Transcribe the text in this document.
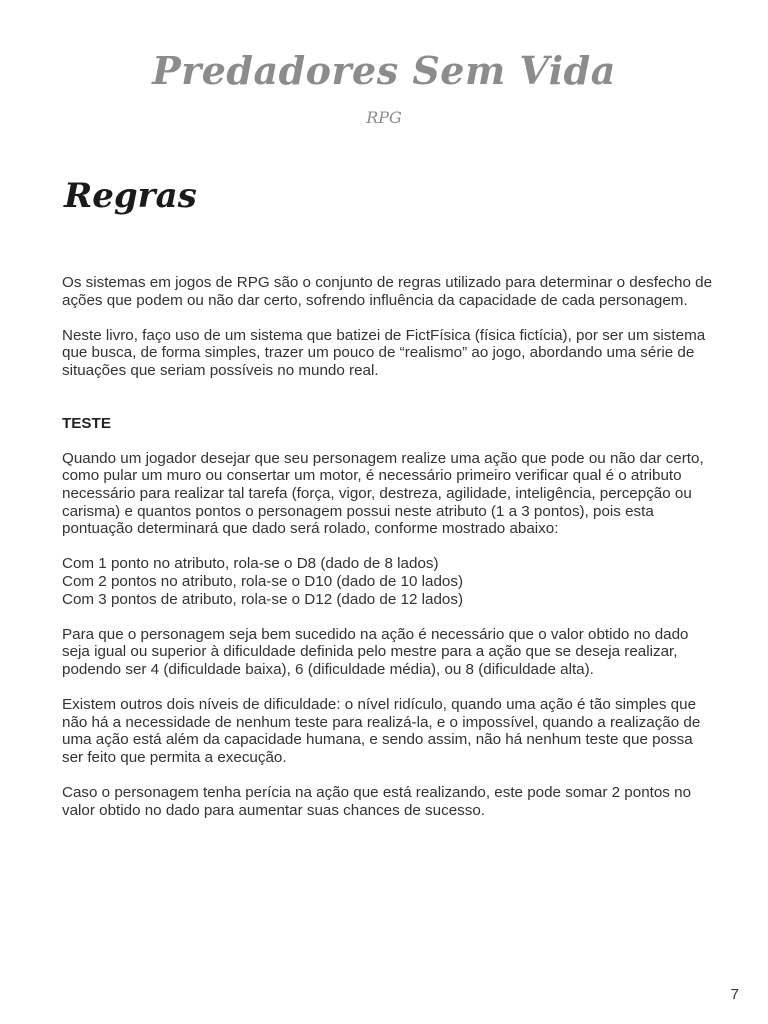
Predadores Sem Vida
RPG
Regras

Os sistemas em jogos de RPG são o conjunto de regras utilizado para determinar o desfecho de ações que podem ou não dar certo, sofrendo influência da capacidade de cada personagem.

Neste livro, faço uso de um sistema que batizei de FictFísica (física fictícia), por ser um sistema que busca, de forma simples, trazer um pouco de “realismo” ao jogo, abordando uma série de situações que seriam possíveis no mundo real.

TESTE

Quando um jogador desejar que seu personagem realize uma ação que pode ou não dar certo, como pular um muro ou consertar um motor, é necessário primeiro verificar qual é o atributo necessário para realizar tal tarefa (força, vigor, destreza, agilidade, inteligência, percepção ou carisma) e quantos pontos o personagem possui neste atributo (1 a 3 pontos), pois esta pontuação determinará que dado será rolado, conforme mostrado abaixo:

Com 1 ponto no atributo, rola-se o D8 (dado de 8 lados)
Com 2 pontos no atributo, rola-se o D10 (dado de 10 lados)
Com 3 pontos de atributo, rola-se o D12 (dado de 12 lados)

Para que o personagem seja bem sucedido na ação é necessário que o valor obtido no dado seja igual ou superior à dificuldade definida pelo mestre para a ação que se deseja realizar, podendo ser 4 (dificuldade baixa), 6 (dificuldade média), ou 8 (dificuldade alta).

Existem outros dois níveis de dificuldade: o nível ridículo, quando uma ação é tão simples que não há a necessidade de nenhum teste para realizá-la, e o impossível, quando a realização de uma ação está além da capacidade humana, e sendo assim, não há nenhum teste que possa ser feito que permita a execução.

Caso o personagem tenha perícia na ação que está realizando, este pode somar 2 pontos no valor obtido no dado para aumentar suas chances de sucesso.

7
